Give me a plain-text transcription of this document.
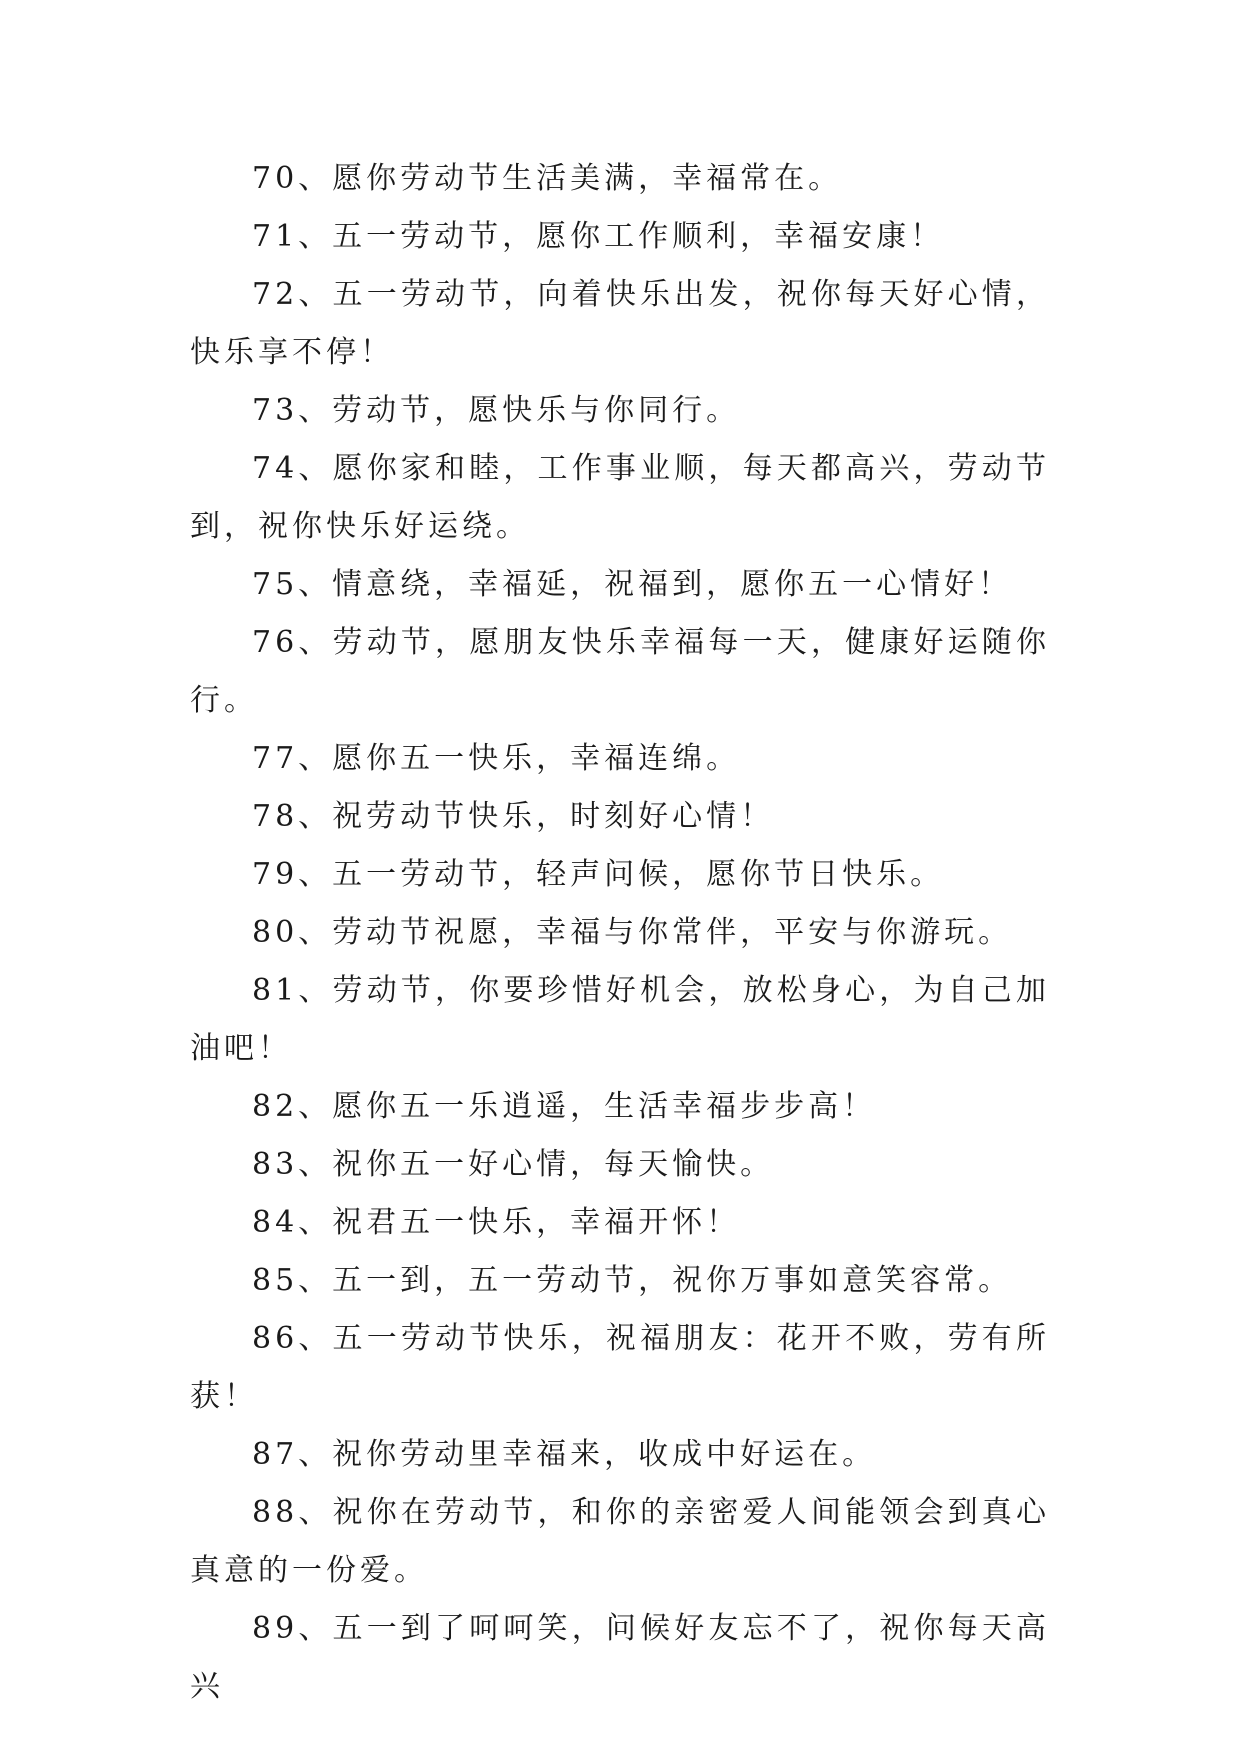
70、愿你劳动节生活美满，幸福常在。

71、五一劳动节，愿你工作顺利，幸福安康！

72、五一劳动节，向着快乐出发，祝你每天好心情，快乐享不停！

73、劳动节，愿快乐与你同行。

74、愿你家和睦，工作事业顺，每天都高兴，劳动节到，祝你快乐好运绕。

75、情意绕，幸福延，祝福到，愿你五一心情好！

76、劳动节，愿朋友快乐幸福每一天，健康好运随你行。

77、愿你五一快乐，幸福连绵。

78、祝劳动节快乐，时刻好心情！

79、五一劳动节，轻声问候，愿你节日快乐。

80、劳动节祝愿，幸福与你常伴，平安与你游玩。

81、劳动节，你要珍惜好机会，放松身心，为自己加油吧！

82、愿你五一乐逍遥，生活幸福步步高！

83、祝你五一好心情，每天愉快。

84、祝君五一快乐，幸福开怀！

85、五一到，五一劳动节，祝你万事如意笑容常。

86、五一劳动节快乐，祝福朋友：花开不败，劳有所获！

87、祝你劳动里幸福来，收成中好运在。

88、祝你在劳动节，和你的亲密爱人间能领会到真心真意的一份爱。

89、五一到了呵呵笑，问候好友忘不了，祝你每天高兴
